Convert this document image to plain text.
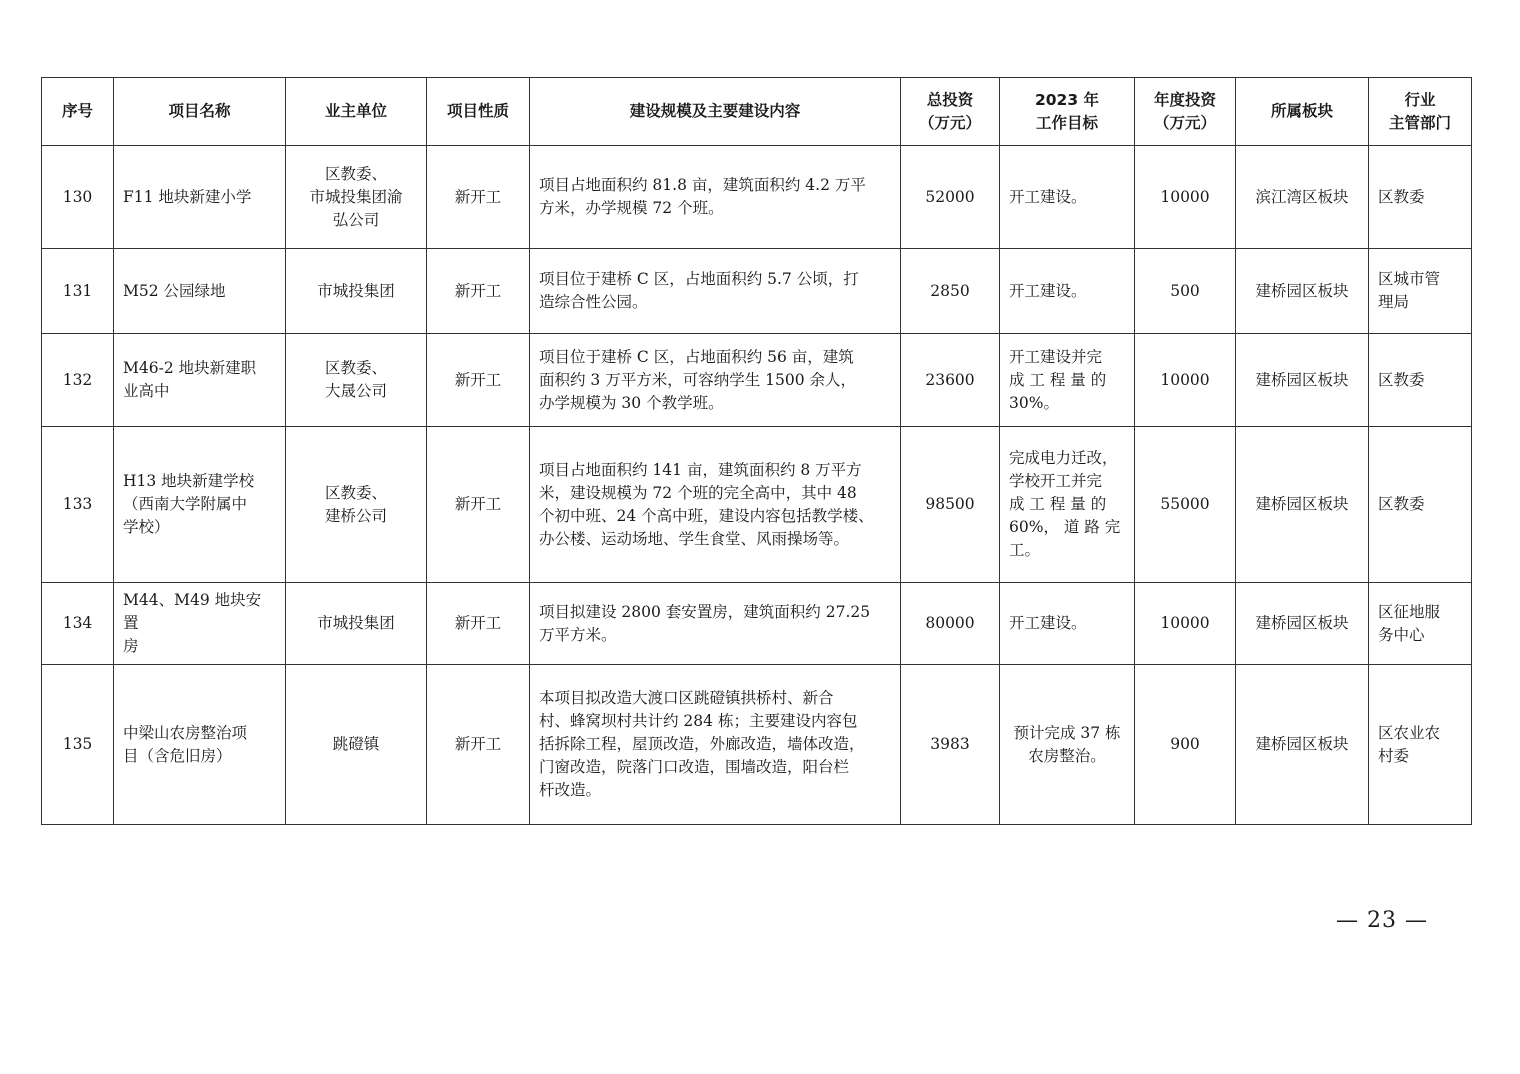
序号	项目名称	业主单位	项目性质	建设规模及主要建设内容	总投资
（万元）	2023 年
工作目标	年度投资
（万元）	所属板块	行业
主管部门
130	F11 地块新建小学	区教委、
市城投集团渝
弘公司	新开工	项目占地面积约 81.8 亩，建筑面积约 4.2 万平
方米，办学规模 72 个班。	52000	开工建设。	10000	滨江湾区板块	区教委
131	M52 公园绿地	市城投集团	新开工	项目位于建桥 C 区，占地面积约 5.7 公顷，打
造综合性公园。	2850	开工建设。	500	建桥园区板块	区城市管
理局
132	M46-2 地块新建职
业高中	区教委、
大晟公司	新开工	项目位于建桥 C 区，占地面积约 56 亩，建筑
面积约 3 万平方米，可容纳学生 1500 余人，
办学规模为 30 个教学班。	23600	开工建设并完
成 工 程 量 的
30%。	10000	建桥园区板块	区教委
133	H13 地块新建学校
（西南大学附属中
学校）	区教委、
建桥公司	新开工	项目占地面积约 141 亩，建筑面积约 8 万平方
米，建设规模为 72 个班的完全高中，其中 48
个初中班、24 个高中班，建设内容包括教学楼、
办公楼、运动场地、学生食堂、风雨操场等。	98500	完成电力迁改，
学校开工并完
成 工 程 量 的
60%， 道 路 完
工。	55000	建桥园区板块	区教委
134	M44、M49 地块安置
房	市城投集团	新开工	项目拟建设 2800 套安置房，建筑面积约 27.25
万平方米。	80000	开工建设。	10000	建桥园区板块	区征地服
务中心
135	中梁山农房整治项
目（含危旧房）	跳磴镇	新开工	本项目拟改造大渡口区跳磴镇拱桥村、新合
村、蜂窝坝村共计约 284 栋；主要建设内容包
括拆除工程，屋顶改造，外廊改造，墙体改造，
门窗改造，院落门口改造，围墙改造，阳台栏
杆改造。	3983	预计完成 37 栋
农房整治。	900	建桥园区板块	区农业农
村委
— 23 —
